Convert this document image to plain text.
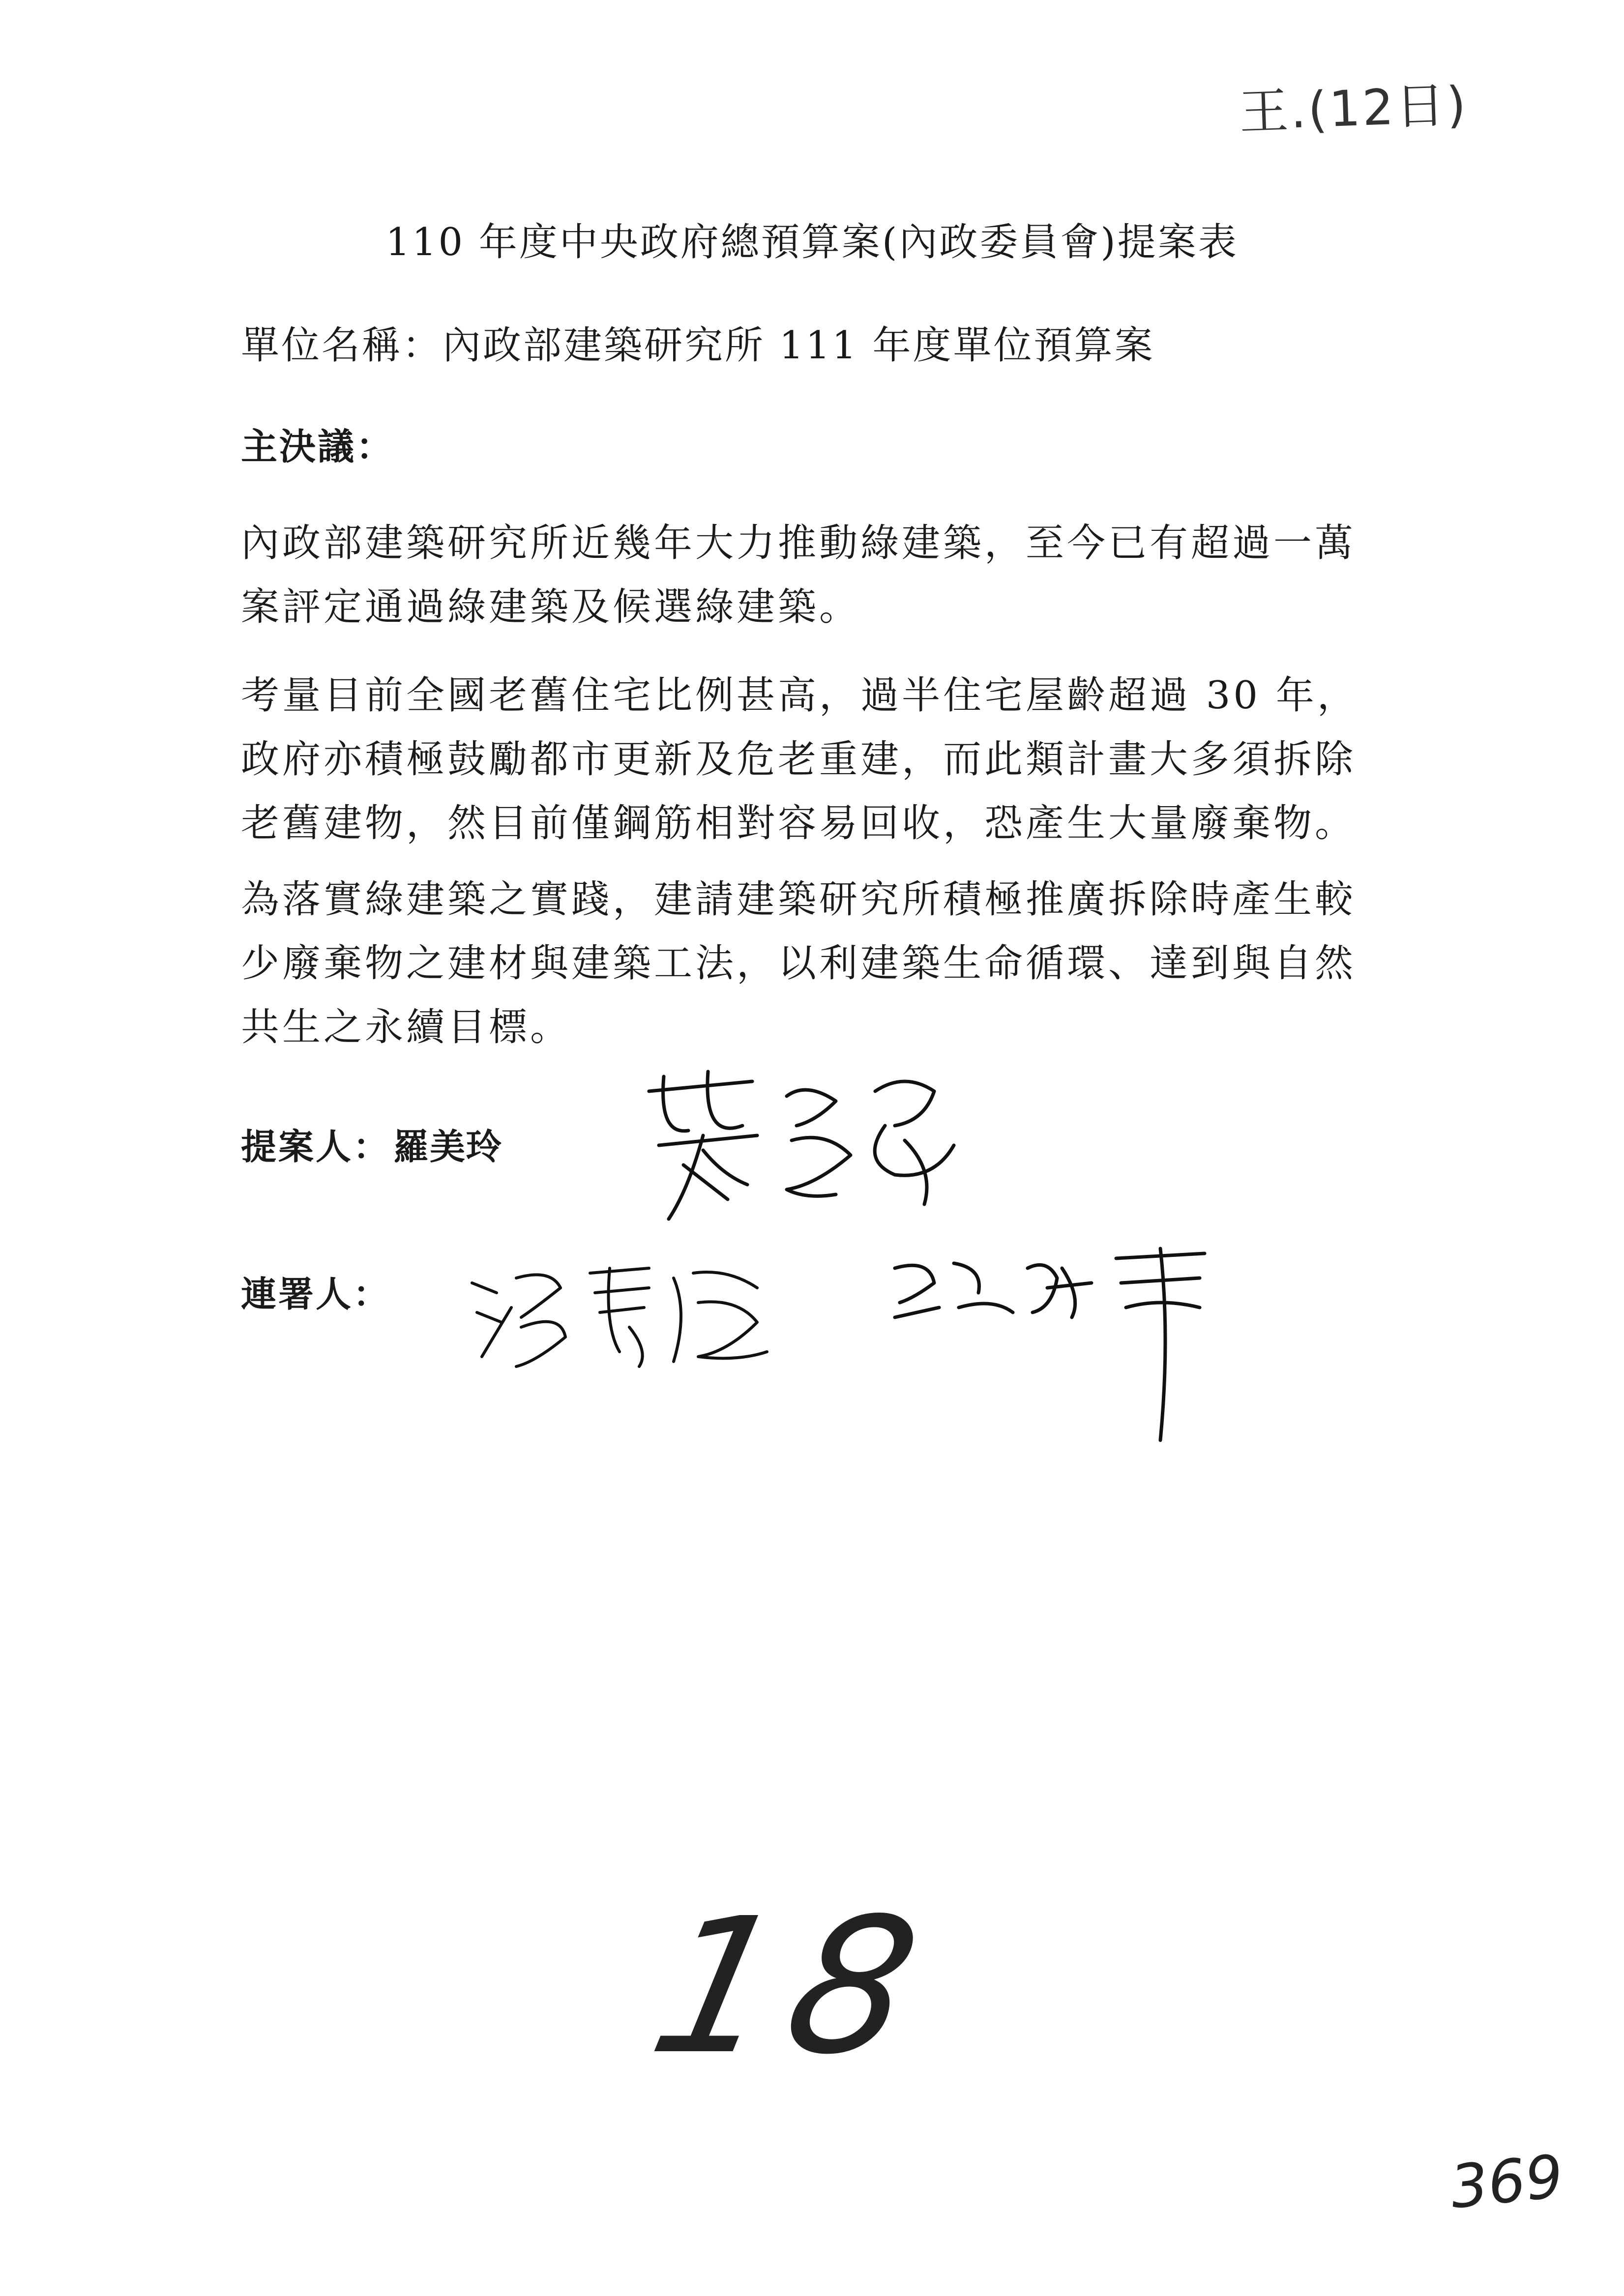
王.(12日)
110 年度中央政府總預算案(內政委員會)提案表
單位名稱：內政部建築研究所 111 年度單位預算案
主決議：

內政部建築研究所近幾年大力推動綠建築，至今已有超過一萬案評定通過綠建築及候選綠建築。

考量目前全國老舊住宅比例甚高，過半住宅屋齡超過 30 年，政府亦積極鼓勵都市更新及危老重建，而此類計畫大多須拆除老舊建物，然目前僅鋼筋相對容易回收，恐產生大量廢棄物。

為落實綠建築之實踐，建請建築研究所積極推廣拆除時產生較少廢棄物之建材與建築工法，以利建築生命循環、達到與自然共生之永續目標。

提案人： 羅美玲
連署人：
18
369
